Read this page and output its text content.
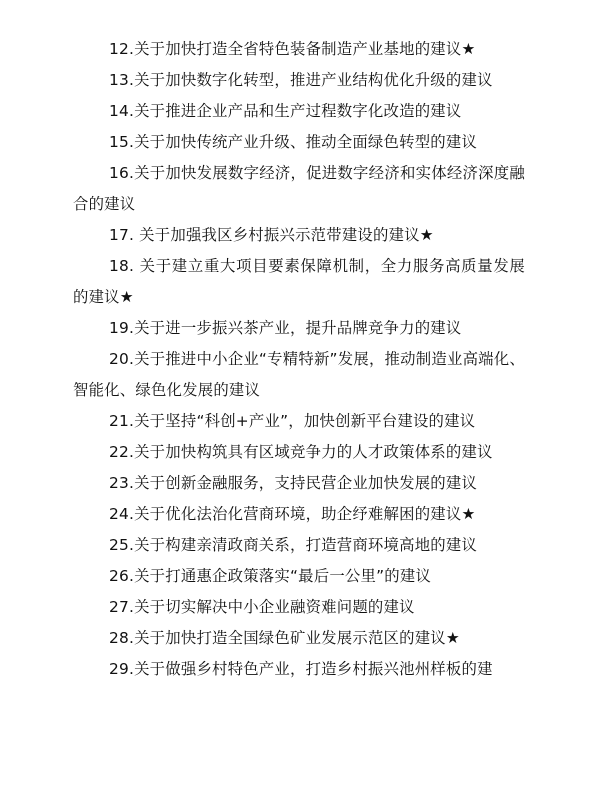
12.关于加快打造全省特色装备制造产业基地的建议★
13.关于加快数字化转型，推进产业结构优化升级的建议
14.关于推进企业产品和生产过程数字化改造的建议
15.关于加快传统产业升级、推动全面绿色转型的建议
16.关于加快发展数字经济，促进数字经济和实体经济深度融合的建议
17. 关于加强我区乡村振兴示范带建设的建议★
18. 关于建立重大项目要素保障机制，全力服务高质量发展的建议★
19.关于进一步振兴茶产业，提升品牌竞争力的建议
20.关于推进中小企业“专精特新”发展，推动制造业高端化、智能化、绿色化发展的建议
21.关于坚持“科创+产业”，加快创新平台建设的建议
22.关于加快构筑具有区域竞争力的人才政策体系的建议
23.关于创新金融服务，支持民营企业加快发展的建议
24.关于优化法治化营商环境，助企纾难解困的建议★
25.关于构建亲清政商关系，打造营商环境高地的建议
26.关于打通惠企政策落实“最后一公里”的建议
27.关于切实解决中小企业融资难问题的建议
28.关于加快打造全国绿色矿业发展示范区的建议★
29.关于做强乡村特色产业，打造乡村振兴池州样板的建
